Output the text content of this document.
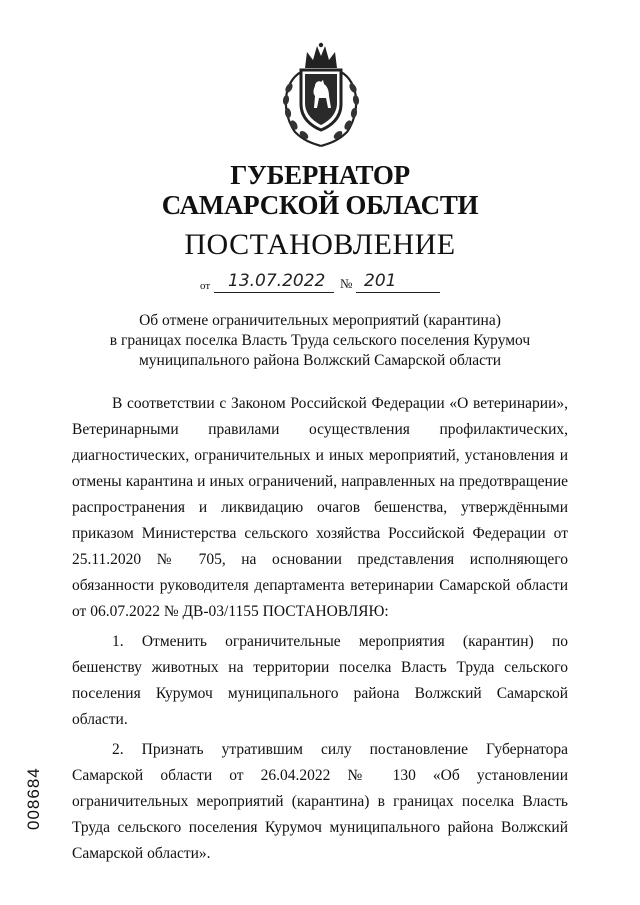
ГУБЕРНАТОР
САМАРСКОЙ ОБЛАСТИ
ПОСТАНОВЛЕНИЕ
от 13.07.2022 № 201
Об отмене ограничительных мероприятий (карантина)
в границах поселка Власть Труда сельского поселения Курумоч
муниципального района Волжский Самарской области

В соответствии с Законом Российской Федерации «О ветеринарии», Ветеринарными правилами осуществления профилактических, диагностических, ограничительных и иных мероприятий, установления и отмены карантина и иных ограничений, направленных на предотвращение распространения и ликвидацию очагов бешенства, утверждёнными приказом Министерства сельского хозяйства Российской Федерации от 25.11.2020 № 705, на основании представления исполняющего обязанности руководителя департамента ветеринарии Самарской области от 06.07.2022 № ДВ-03/1155 ПОСТАНОВЛЯЮ:

1. Отменить ограничительные мероприятия (карантин) по бешенству животных на территории поселка Власть Труда сельского поселения Курумоч муниципального района Волжский Самарской области.

2. Признать утратившим силу постановление Губернатора Самарской области от 26.04.2022 № 130 «Об установлении ограничительных мероприятий (карантина) в границах поселка Власть Труда сельского поселения Курумоч муниципального района Волжский Самарской области».

008684
